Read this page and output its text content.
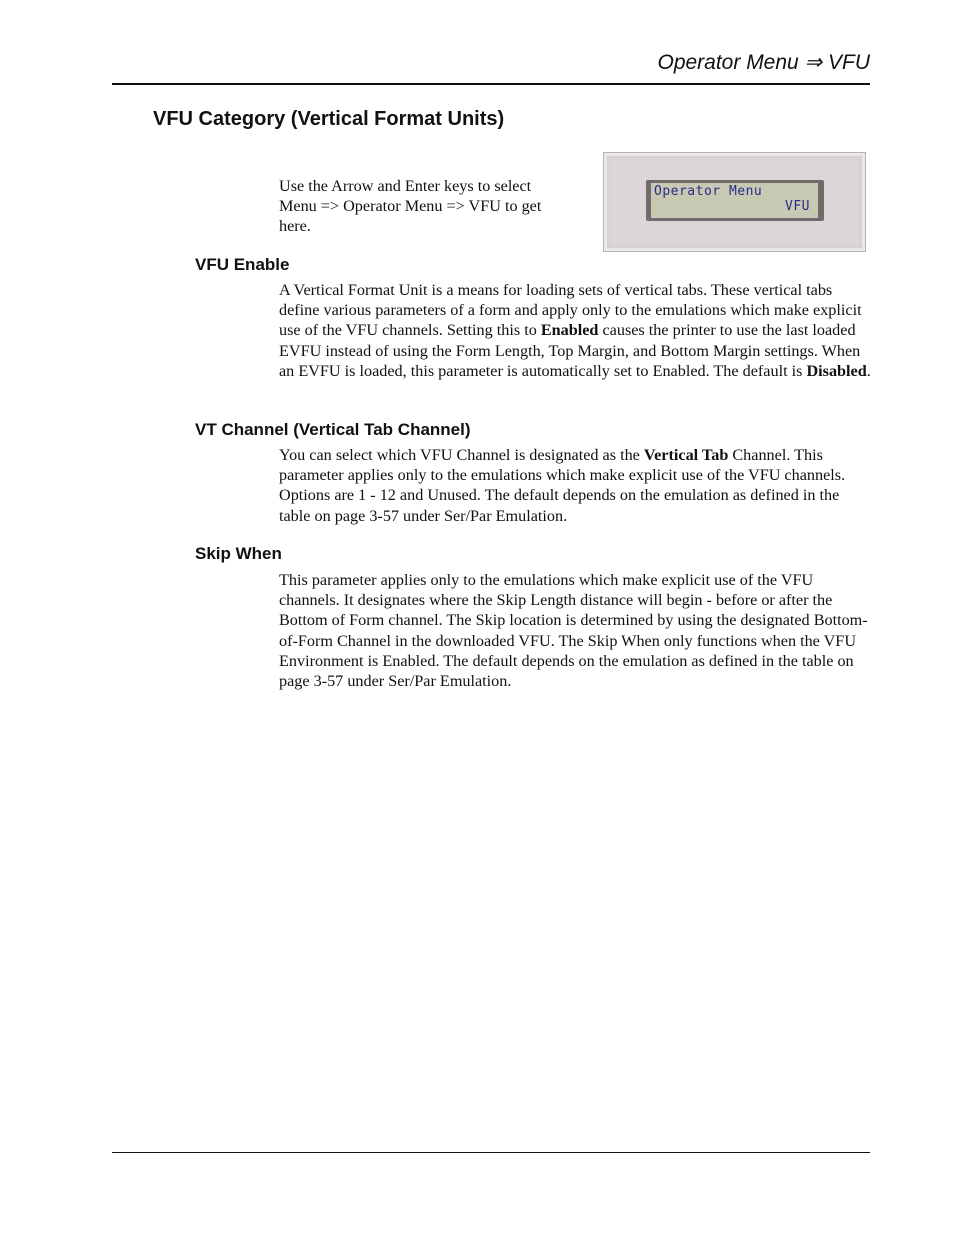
Operator Menu ⇒ VFU
VFU Category (Vertical Format Units)
Use the Arrow and Enter keys to select
Menu => Operator Menu => VFU to get
here.
Operator Menu
VFU
VFU Enable
A Vertical Format Unit is a means for loading sets of vertical tabs. These vertical tabs define various parameters of a form and apply only to the emulations which make explicit use of the VFU channels. Setting this to Enabled causes the printer to use the last loaded EVFU instead of using the Form Length, Top Margin, and Bottom Margin settings. When an EVFU is loaded, this parameter is automatically set to Enabled. The default is Disabled.
VT Channel (Vertical Tab Channel)
You can select which VFU Channel is designated as the Vertical Tab Channel. This parameter applies only to the emulations which make explicit use of the VFU channels. Options are 1 - 12 and Unused. The default depends on the emulation as defined in the table on page 3-57 under Ser/Par Emulation.
Skip When
This parameter applies only to the emulations which make explicit use of the VFU channels. It designates where the Skip Length distance will begin - before or after the Bottom of Form channel. The Skip location is determined by using the designated Bottom-of-Form Channel in the downloaded VFU. The Skip When only functions when the VFU Environment is Enabled. The default depends on the emulation as defined in the table on page 3-57 under Ser/Par Emulation.
